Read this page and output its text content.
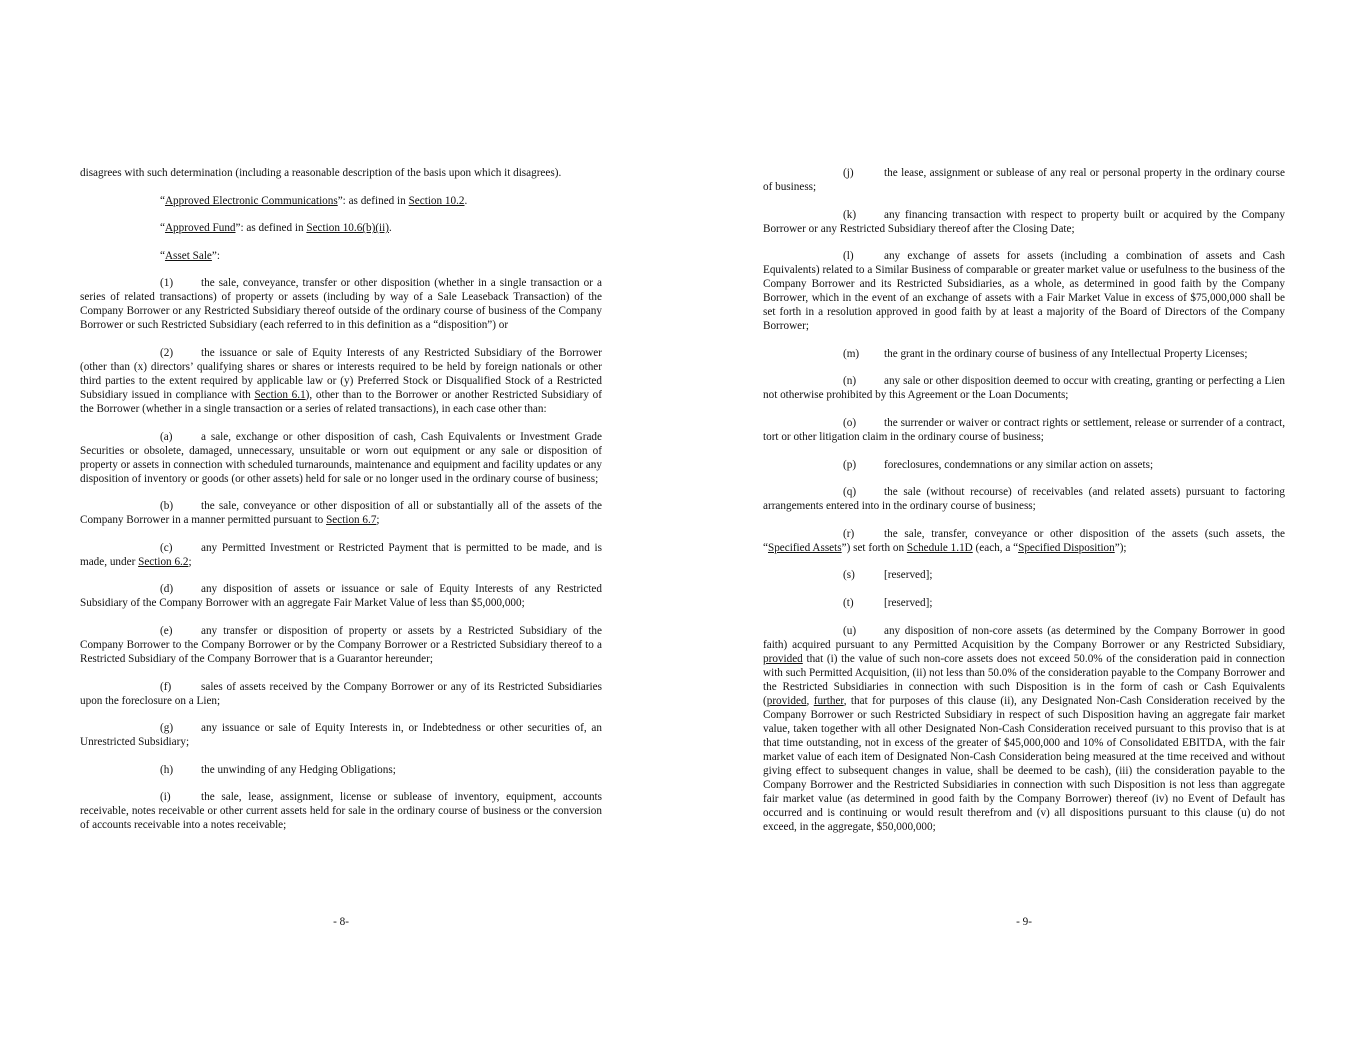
disagrees with such determination (including a reasonable description of the basis upon which it disagrees).

“Approved Electronic Communications”: as defined in Section 10.2.

“Approved Fund”: as defined in Section 10.6(b)(ii).

“Asset Sale”:

(1) the sale, conveyance, transfer or other disposition (whether in a single transaction or a series of related transactions) of property or assets (including by way of a Sale Leaseback Transaction) of the Company Borrower or any Restricted Subsidiary thereof outside of the ordinary course of business of the Company Borrower or such Restricted Subsidiary (each referred to in this definition as a “disposition”) or

(2) the issuance or sale of Equity Interests of any Restricted Subsidiary of the Borrower (other than (x) directors’ qualifying shares or shares or interests required to be held by foreign nationals or other third parties to the extent required by applicable law or (y) Preferred Stock or Disqualified Stock of a Restricted Subsidiary issued in compliance with Section 6.1), other than to the Borrower or another Restricted Subsidiary of the Borrower (whether in a single transaction or a series of related transactions), in each case other than:

(a)	a sale, exchange or other disposition of cash, Cash Equivalents or Investment Grade Securities or obsolete, damaged, unnecessary, unsuitable or worn out equipment or any sale or disposition of property or assets in connection with scheduled turnarounds, maintenance and equipment and facility updates or any disposition of inventory or goods (or other assets) held for sale or no longer used in the ordinary course of business;

(b) the sale, conveyance or other disposition of all or substantially all of the assets of the Company Borrower in a manner permitted pursuant to Section 6.7;

(c)	any Permitted Investment or Restricted Payment that is permitted to be made, and is made, under Section 6.2;

(d) any disposition of assets or issuance or sale of Equity Interests of any Restricted Subsidiary of the Company Borrower with an aggregate Fair Market Value of less than $5,000,000;

(e)	any transfer or disposition of property or assets by a Restricted Subsidiary of the Company Borrower to the Company Borrower or by the Company Borrower or a Restricted Subsidiary thereof to a Restricted Subsidiary of the Company Borrower that is a Guarantor hereunder;

(f)	sales of assets received by the Company Borrower or any of its Restricted Subsidiaries upon the foreclosure on a Lien;

(g) any issuance or sale of Equity Interests in, or Indebtedness or other securities of, an Unrestricted Subsidiary;

(h) the unwinding of any Hedging Obligations;

(i)	the sale, lease, assignment, license or sublease of inventory, equipment, accounts receivable, notes receivable or other current assets held for sale in the ordinary course of business or the conversion of accounts receivable into a notes receivable;

- 8-

(j)	the lease, assignment or sublease of any real or personal property in the ordinary course of business;

(k) any financing transaction with respect to property built or acquired by the Company Borrower or any Restricted Subsidiary thereof after the Closing Date;

(l)	any exchange of assets for assets (including a combination of assets and Cash Equivalents) related to a Similar Business of comparable or greater market value or usefulness to the business of the Company Borrower and its Restricted Subsidiaries, as a whole, as determined in good faith by the Company Borrower, which in the event of an exchange of assets with a Fair Market Value in excess of $75,000,000 shall be set forth in a resolution approved in good faith by at least a majority of the Board of Directors of the Company Borrower;

(m) the grant in the ordinary course of business of any Intellectual Property Licenses;

(n) any sale or other disposition deemed to occur with creating, granting or perfecting a Lien not otherwise prohibited by this Agreement or the Loan Documents;

(o) the surrender or waiver or contract rights or settlement, release or surrender of a contract, tort or other litigation claim in the ordinary course of business;

(p) foreclosures, condemnations or any similar action on assets;

(q) the sale (without recourse) of receivables (and related assets) pursuant to factoring arrangements entered into in the ordinary course of business;

(r)	the sale, transfer, conveyance or other disposition of the assets (such assets, the “Specified Assets”) set forth on Schedule 1.1D (each, a “Specified Disposition”);

(s)	[reserved];

(t)	[reserved];

(u) any disposition of non-core assets (as determined by the Company Borrower in good faith) acquired pursuant to any Permitted Acquisition by the Company Borrower or any Restricted Subsidiary, provided that (i) the value of such non-core assets does not exceed 50.0% of the consideration paid in connection with such Permitted Acquisition, (ii) not less than 50.0% of the consideration payable to the Company Borrower and the Restricted Subsidiaries in connection with such Disposition is in the form of cash or Cash Equivalents (provided, further, that for purposes of this clause (ii), any Designated Non-Cash Consideration received by the Company Borrower or such Restricted Subsidiary in respect of such Disposition having an aggregate fair market value, taken together with all other Designated Non-Cash Consideration received pursuant to this proviso that is at that time outstanding, not in excess of the greater of $45,000,000 and 10% of Consolidated EBITDA, with the fair market value of each item of Designated Non-Cash Consideration being measured at the time received and without giving effect to subsequent changes in value, shall be deemed to be cash), (iii) the consideration payable to the Company Borrower and the Restricted Subsidiaries in connection with such Disposition is not less than aggregate fair market value (as determined in good faith by the Company Borrower) thereof (iv) no Event of Default has occurred and is continuing or would result therefrom and (v) all dispositions pursuant to this clause (u) do not exceed, in the aggregate, $50,000,000;

- 9-
